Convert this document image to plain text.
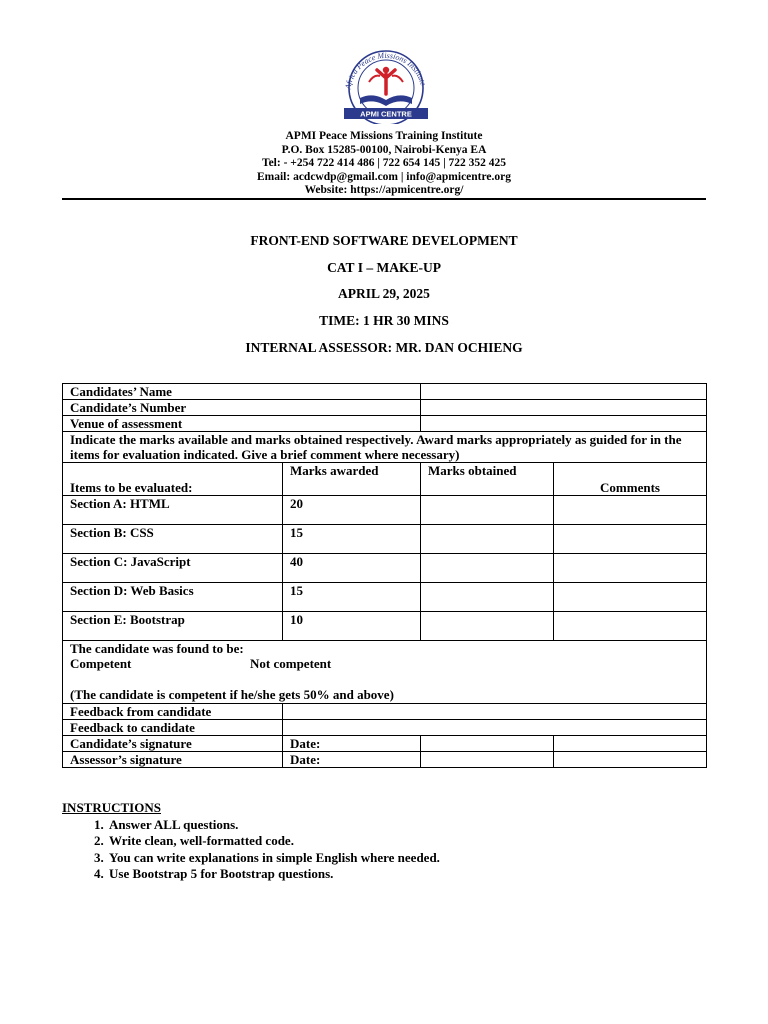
Africa Peace Missions Institute
APMI CENTRE
APMI Peace Missions Training Institute
P.O. Box 15285-00100, Nairobi-Kenya EA
Tel: - +254 722 414 486 | 722 654 145 | 722 352 425
Email: acdcwdp@gmail.com | info@apmicentre.org
Website: https://apmicentre.org/
FRONT-END SOFTWARE DEVELOPMENT
CAT I – MAKE-UP
APRIL 29, 2025
TIME: 1 HR 30 MINS
INTERNAL ASSESSOR: MR. DAN OCHIENG
Candidates’ Name			
Candidate’s Number			
Venue of assessment			
Indicate the marks available and marks obtained respectively. Award marks appropriately as guided for in the items for evaluation indicated. Give a brief comment where necessary)			
Items to be evaluated:	Marks awarded	Marks obtained	Comments
Section A: HTML	20		
Section B: CSS	15		
Section C: JavaScript	40		
Section D: Web Basics	15		
Section E: Bootstrap	10		

The candidate was found to be:
Competent Not competent
(The candidate is competent if he/she gets 50% and above)			

Feedback from candidate			
Feedback to candidate			
Candidate’s signature	Date:		
Assessor’s signature	Date:		
INSTRUCTIONS
1. Answer ALL questions.
2. Write clean, well-formatted code.
3. You can write explanations in simple English where needed.
4. Use Bootstrap 5 for Bootstrap questions.
